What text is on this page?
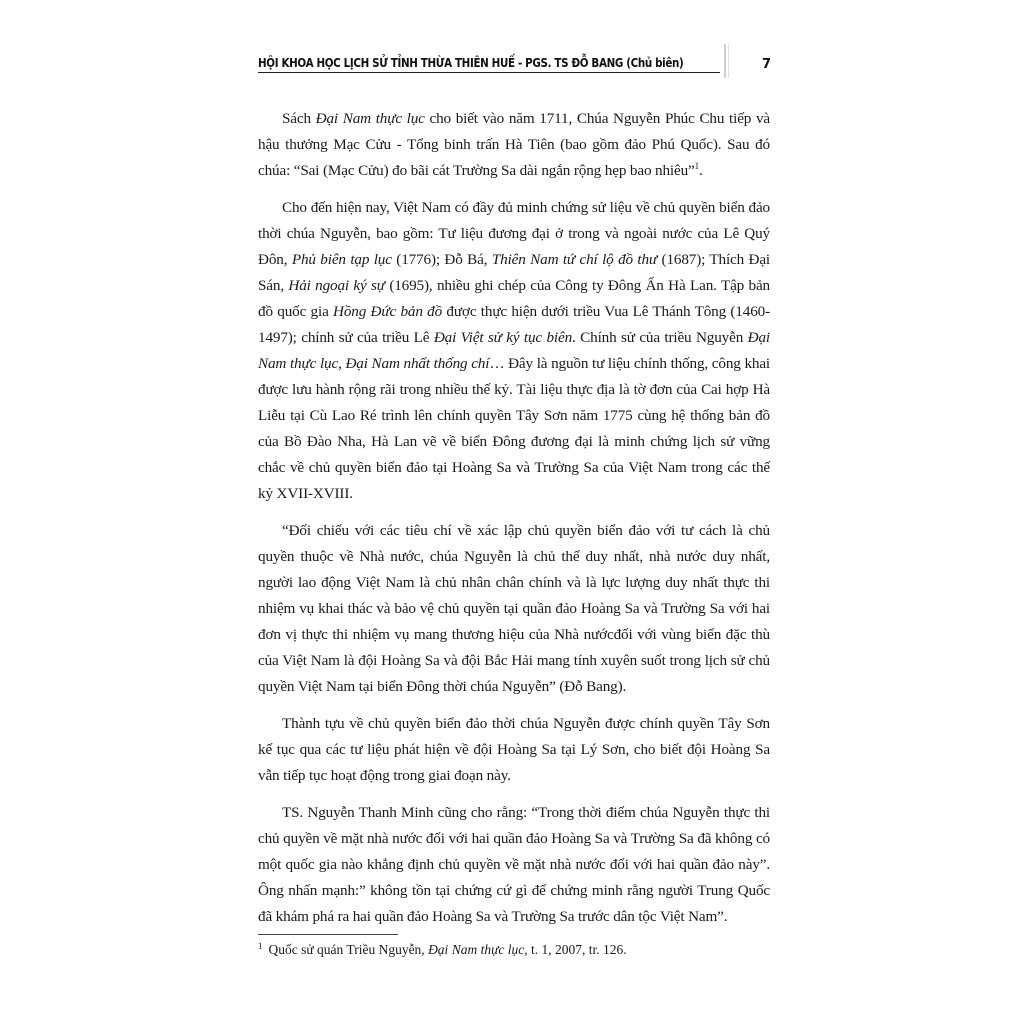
HỘI KHOA HỌC LỊCH SỬ TỈNH THỪA THIÊN HUẾ - PGS. TS ĐỖ BANG (Chủ biên)	7

Sách Đại Nam thực lục cho biết vào năm 1711, Chúa Nguyễn Phúc Chu tiếp và hậu thưởng Mạc Cửu - Tổng binh trấn Hà Tiên (bao gồm đảo Phú Quốc). Sau đó chúa: “Sai (Mạc Cửu) đo bãi cát Trường Sa dài ngắn rộng hẹp bao nhiêu”$^1$.

Cho đến hiện nay, Việt Nam có đầy đủ minh chứng sử liệu về chủ quyền biển đảo thời chúa Nguyễn, bao gồm: Tư liệu đương đại ở trong và ngoài nước của Lê Quý Đôn, Phủ biên tạp lục (1776); Đỗ Bá, Thiên Nam tứ chí lộ đồ thư (1687); Thích Đại Sán, Hải ngoại ký sự (1695), nhiều ghi chép của Công ty Đông Ấn Hà Lan. Tập bản đồ quốc gia Hồng Đức bản đồ được thực hiện dưới triều Vua Lê Thánh Tông (1460-1497); chính sử của triều Lê Đại Việt sử ký tục biên. Chính sử của triều Nguyễn Đại Nam thực lục, Đại Nam nhất thống chí… Đây là nguồn tư liệu chính thống, công khai được lưu hành rộng rãi trong nhiều thế kỷ. Tài liệu thực địa là tờ đơn của Cai hợp Hà Liễu tại Cù Lao Ré trình lên chính quyền Tây Sơn năm 1775 cùng hệ thống bản đồ của Bồ Đào Nha, Hà Lan vẽ về biển Đông đương đại là minh chứng lịch sử vững chắc về chủ quyền biển đảo tại Hoàng Sa và Trường Sa của Việt Nam trong các thế kỷ XVII-XVIII.

“Đối chiếu với các tiêu chí về xác lập chủ quyền biển đảo với tư cách là chủ quyền thuộc về Nhà nước, chúa Nguyễn là chủ thể duy nhất, nhà nước duy nhất, người lao động Việt Nam là chủ nhân chân chính và là lực lượng duy nhất thực thi nhiệm vụ khai thác và bảo vệ chủ quyền tại quần đảo Hoàng Sa và Trường Sa với hai đơn vị thực thi nhiệm vụ mang thương hiệu của Nhà nướcđối với vùng biển đặc thù của Việt Nam là đội Hoàng Sa và đội Bắc Hải mang tính xuyên suốt trong lịch sử chủ quyền Việt Nam tại biển Đông thời chúa Nguyễn” (Đỗ Bang).

Thành tựu về chủ quyền biển đảo thời chúa Nguyễn được chính quyền Tây Sơn kế tục qua các tư liệu phát hiện về đội Hoàng Sa tại Lý Sơn, cho biết đội Hoàng Sa vẫn tiếp tục hoạt động trong giai đoạn này.

TS. Nguyễn Thanh Minh cũng cho rằng: “Trong thời điểm chúa Nguyễn thực thi chủ quyền về mặt nhà nước đối với hai quần đảo Hoàng Sa và Trường Sa đã không có một quốc gia nào khẳng định chủ quyền về mặt nhà nước đối với hai quần đảo này”. Ông nhấn mạnh:” không tồn tại chứng cứ gì để chứng minh rằng người Trung Quốc đã khám phá ra hai quần đảo Hoàng Sa và Trường Sa trước dân tộc Việt Nam”.

$^1$ Quốc sử quán Triều Nguyễn, Đại Nam thực lục, t. 1, 2007, tr. 126.
